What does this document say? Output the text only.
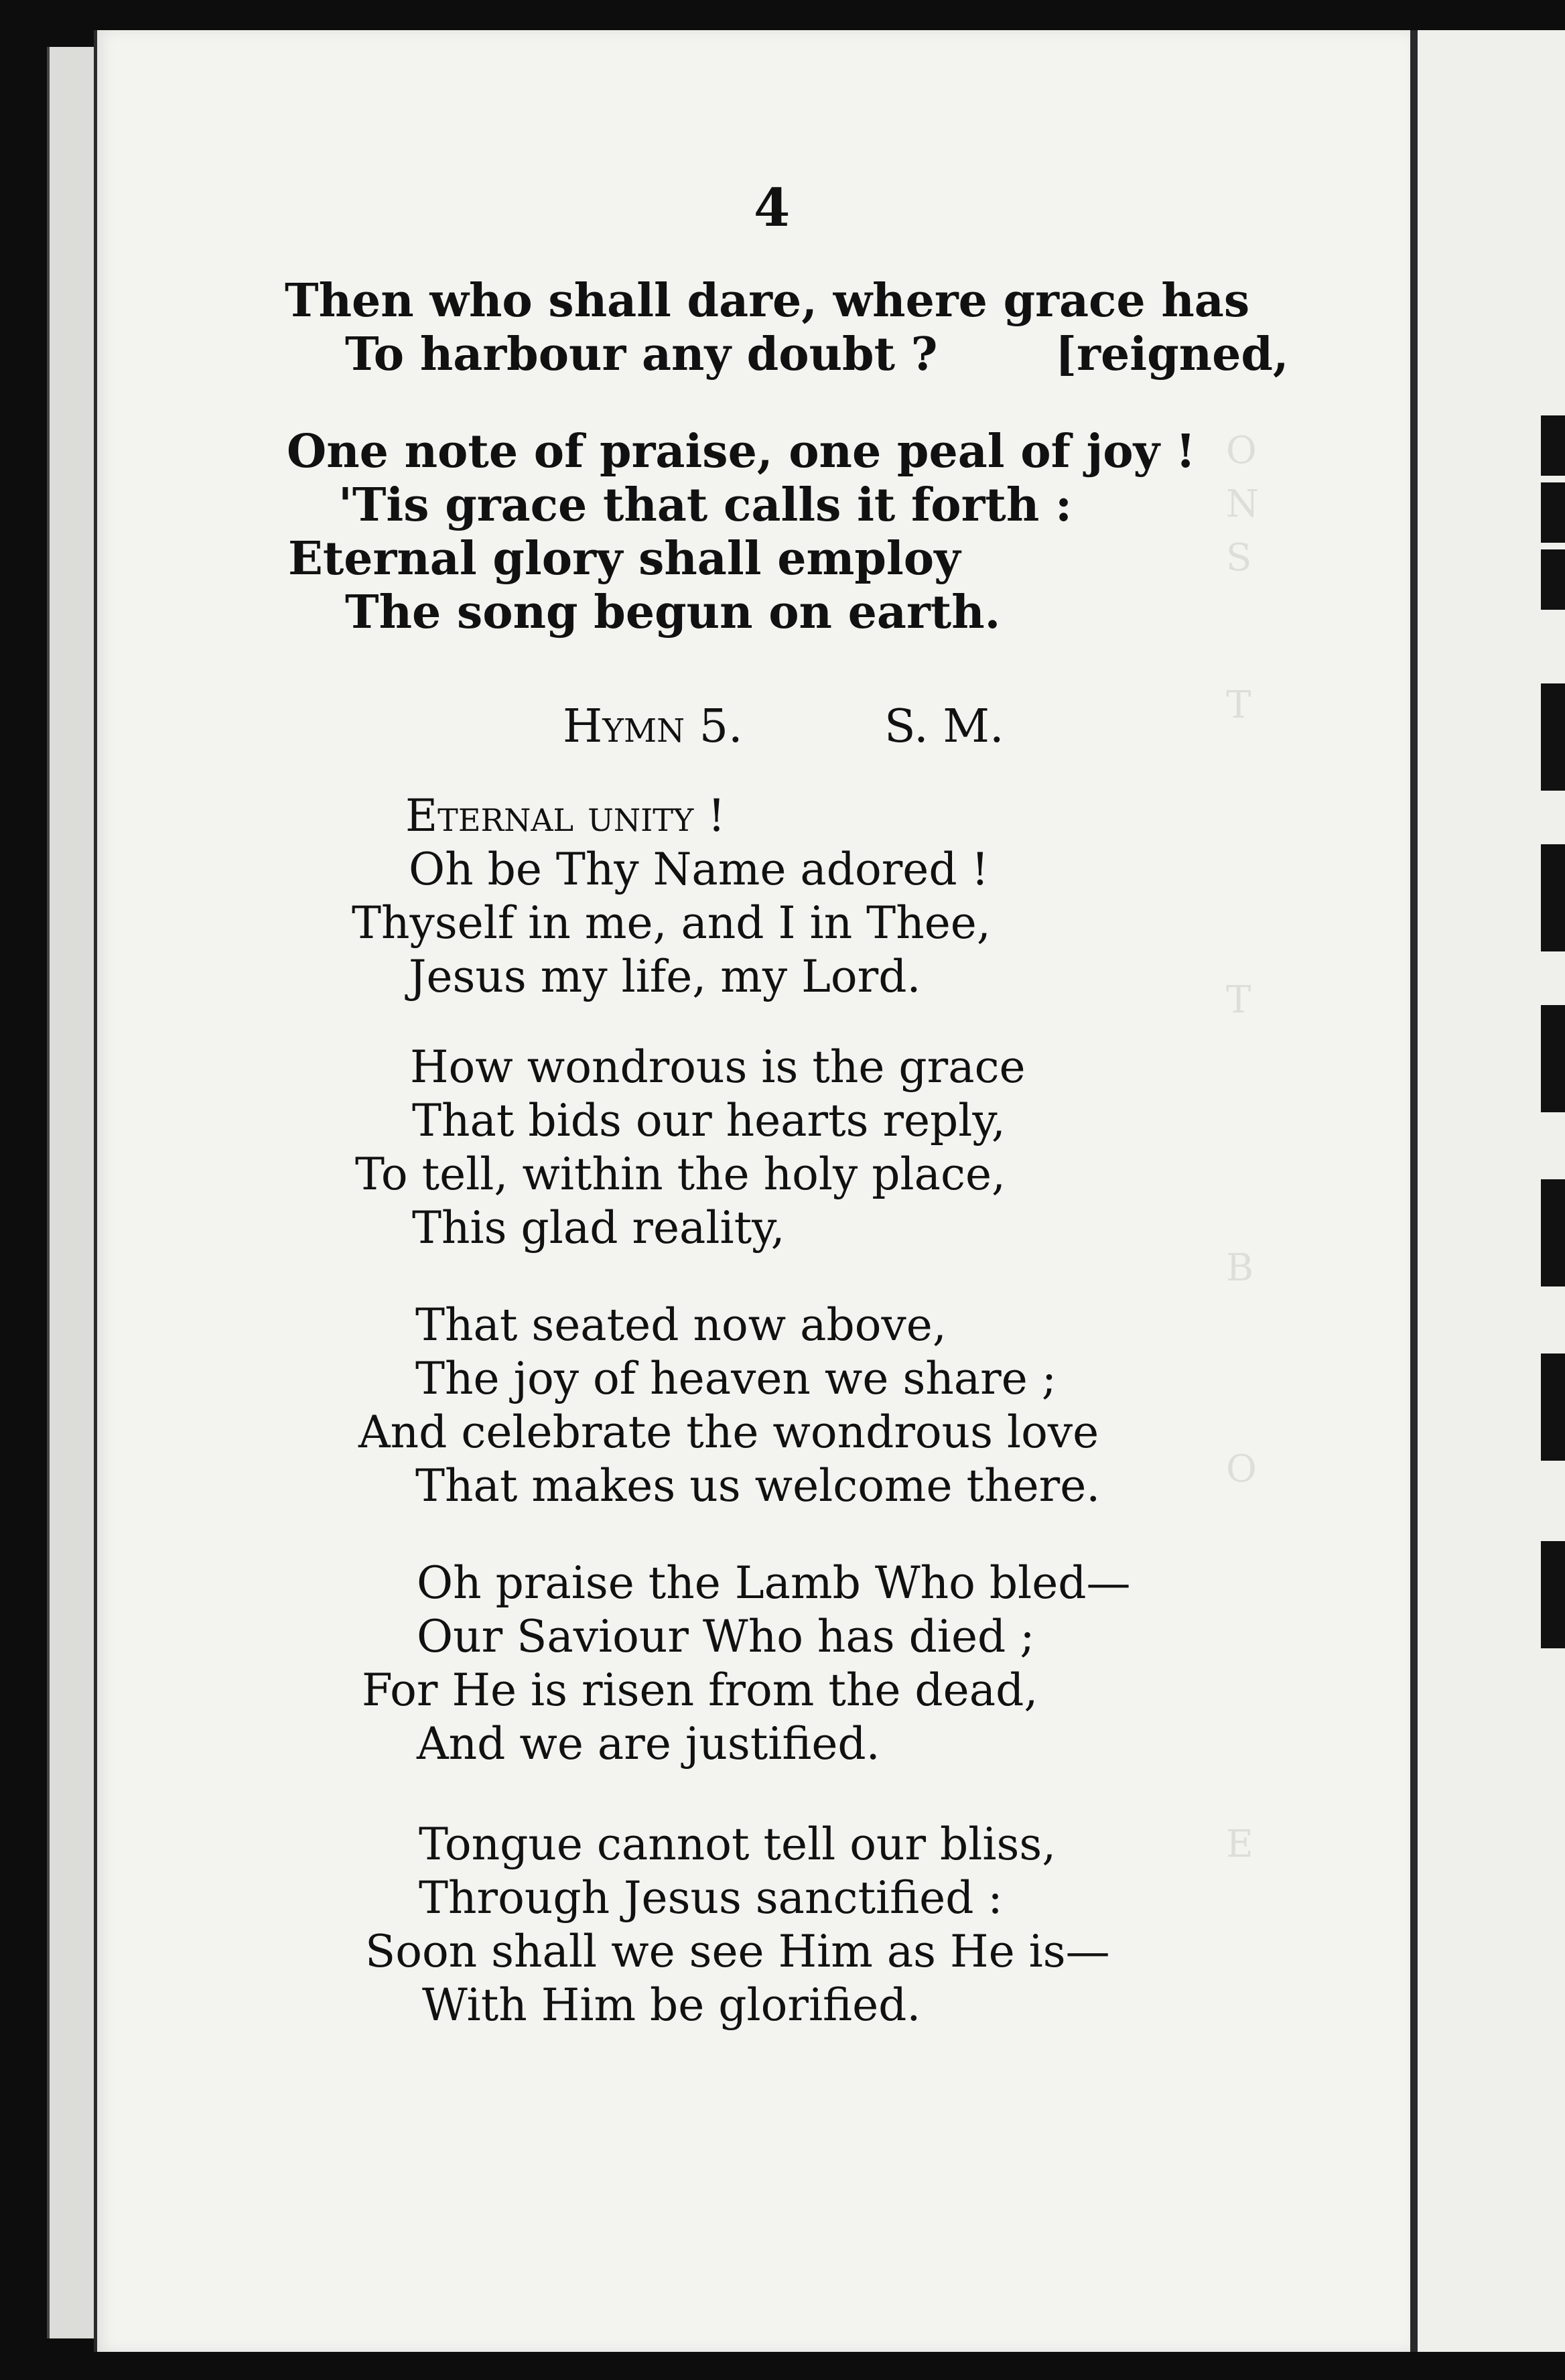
O
N
S
T
T
B
O
E
4
Then who shall dare, where grace has
To harbour any doubt ?	[reigned,
One note of praise, one peal of joy !
'Tis grace that calls it forth :
Eternal glory shall employ
The song begun on earth.
Hymn 5.	S. M.
Eternal unity !
Oh be Thy Name adored !
Thyself in me, and I in Thee,
Jesus my life, my Lord.
How wondrous is the grace
That bids our hearts reply,
To tell, within the holy place,
This glad reality,
That seated now above,
The joy of heaven we share ;
And celebrate the wondrous love
That makes us welcome there.
Oh praise the Lamb Who bled—
Our Saviour Who has died ;
For He is risen from the dead,
And we are justified.
Tongue cannot tell our bliss,
Through Jesus sanctified :
Soon shall we see Him as He is—
With Him be glorified.
